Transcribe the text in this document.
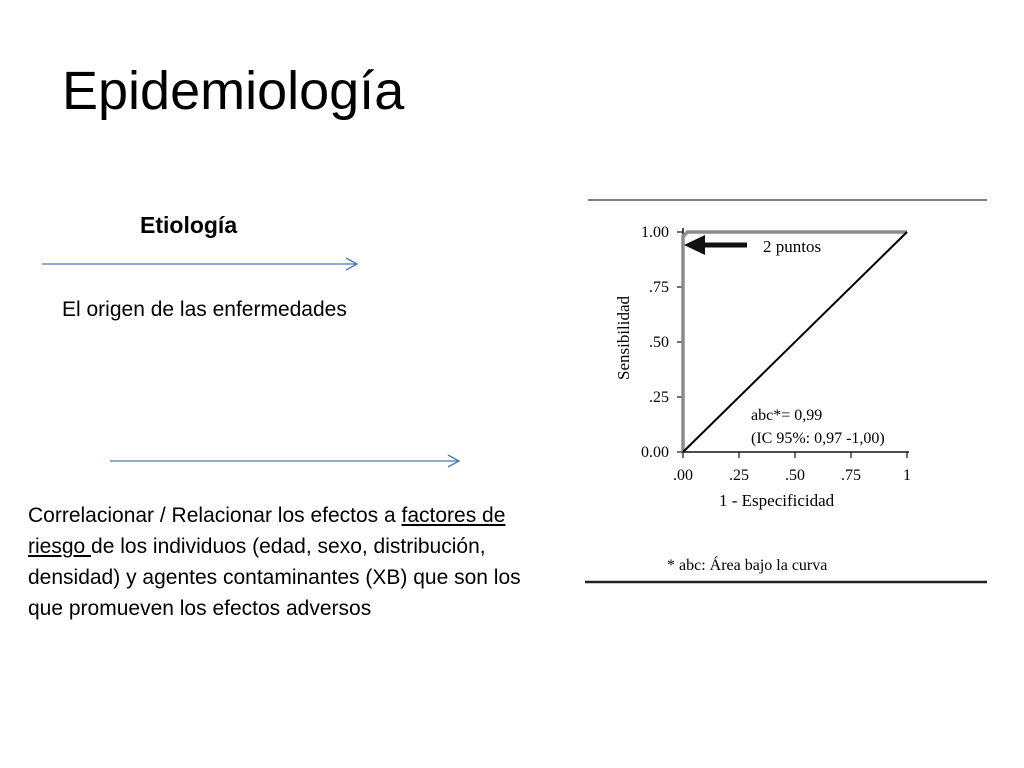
Epidemiología
Etiología
El origen de las enfermedades

Correlacionar / Relacionar los efectos a factores de riesgo de los individuos (edad, sexo, distribución, densidad) y agentes contaminantes (XB) que son los que promueven los efectos adversos

.00 .25 .50 .75	1
0.00
.25
.50
.75
1.00
1 - Especificidad
Sensibilidad
2 puntos
abc*= 0,99
(IC 95%: 0,97 -1,00)
* abc: Área bajo la curva
